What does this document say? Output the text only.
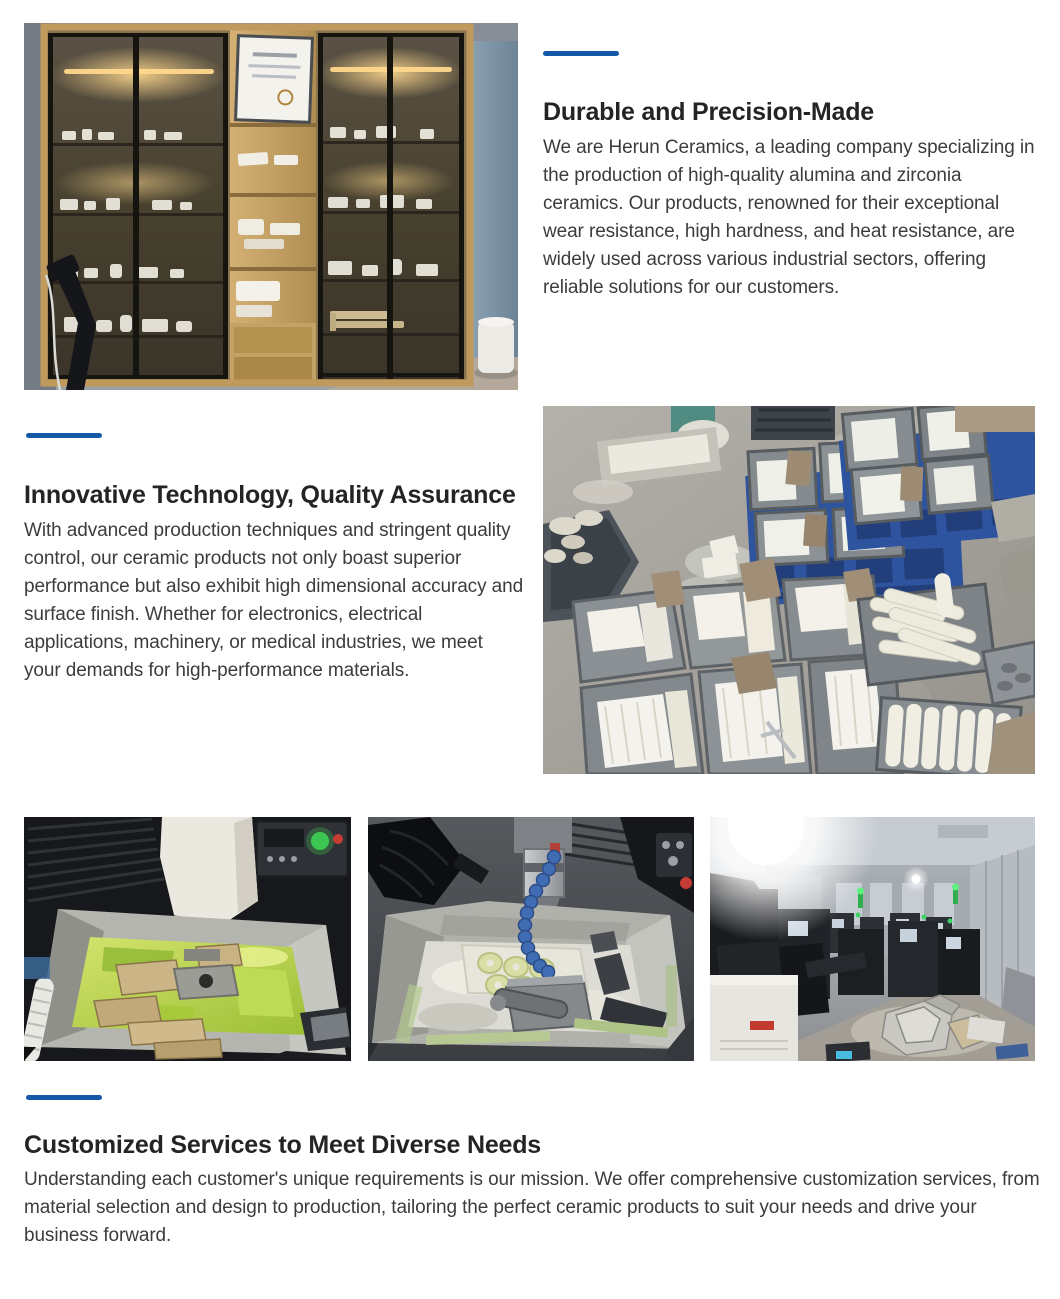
Durable and Precision-Made

We are Herun Ceramics, a leading company specializing in the production of high-quality alumina and zirconia ceramics. Our products, renowned for their exceptional wear resistance, high hardness, and heat resistance, are widely used across various industrial sectors, offering reliable solutions for our customers.

Innovative Technology, Quality Assurance

With advanced production techniques and stringent quality control, our ceramic products not only boast superior performance but also exhibit high dimensional accuracy and surface finish. Whether for electronics, electrical applications, machinery, or medical industries, we meet your demands for high-performance materials.

Customized Services to Meet Diverse Needs

Understanding each customer's unique requirements is our mission. We offer comprehensive customization services, from material selection and design to production, tailoring the perfect ceramic products to suit your needs and drive your business forward.
